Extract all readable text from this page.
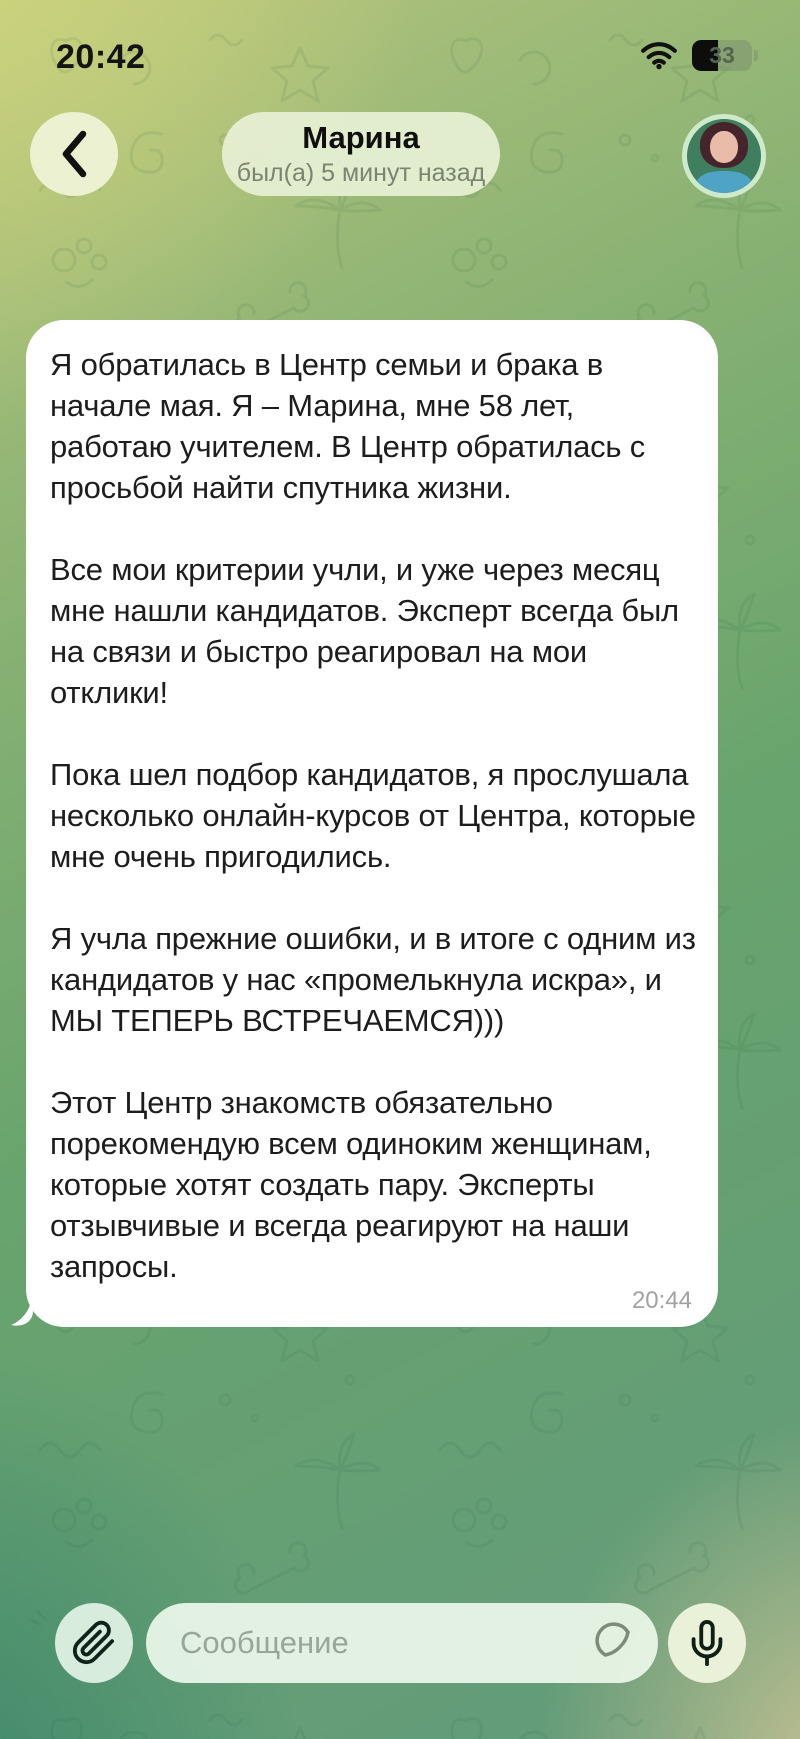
20:42	33
Марина
был(а) 5 минут назад

Я обратилась в Центр семьи и брака в начале мая. Я – Марина, мне 58 лет, работаю учителем. В Центр обратилась с просьбой найти спутника жизни.

Все мои критерии учли, и уже через месяц мне нашли кандидатов. Эксперт всегда был на связи и быстро реагировал на мои отклики!

Пока шел подбор кандидатов, я прослушала несколько онлайн-курсов от Центра, которые мне очень пригодились.

Я учла прежние ошибки, и в итоге с одним из кандидатов у нас «промелькнула искра», и МЫ ТЕПЕРЬ ВСТРЕЧАЕМСЯ)))

Этот Центр знакомств обязательно порекомендую всем одиноким женщинам, которые хотят создать пару. Эксперты отзывчивые и всегда реагируют на наши запросы.

20:44
Сообщение
